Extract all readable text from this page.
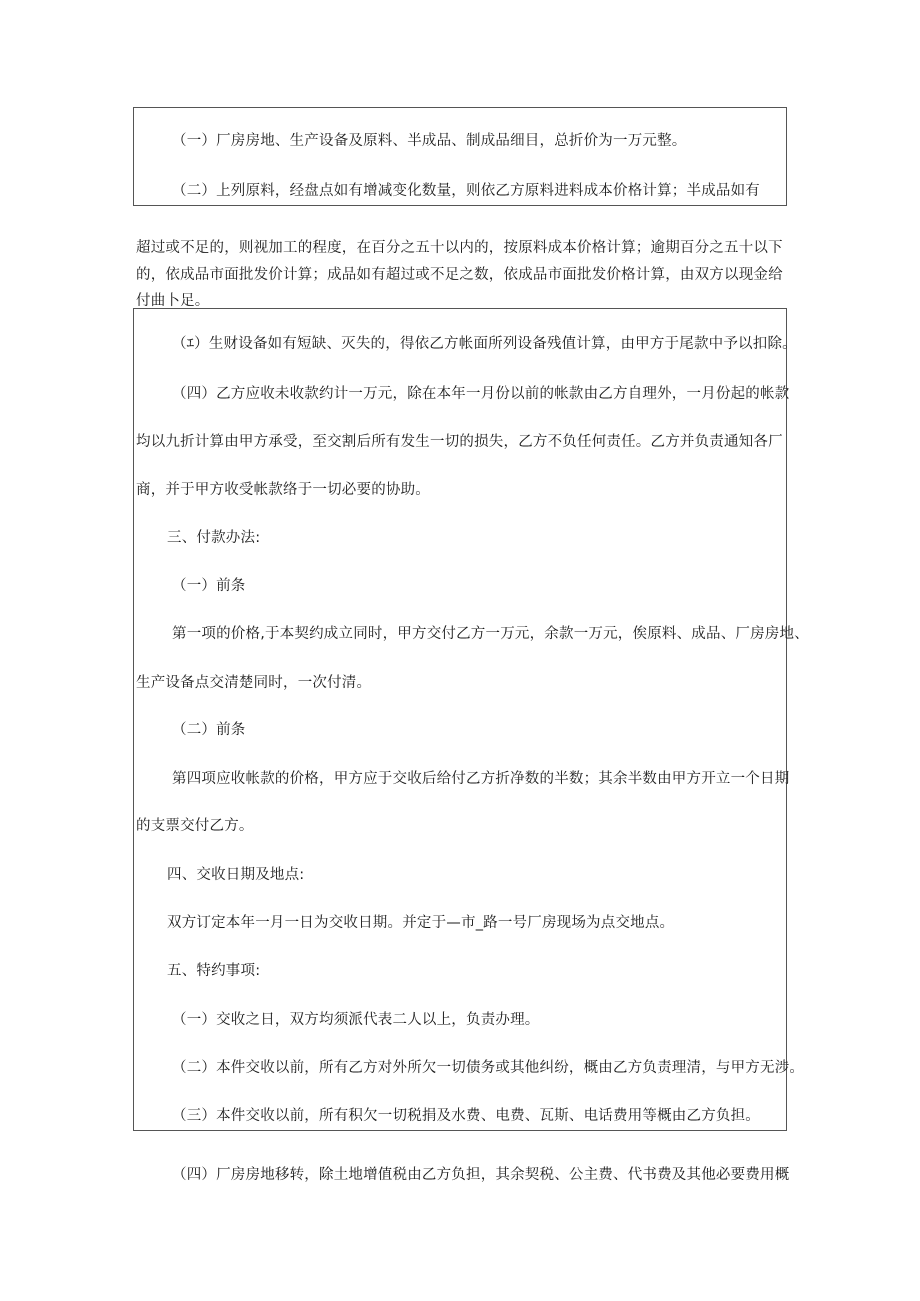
（一）厂房房地、生产设备及原料、半成品、制成品细目，总折价为一万元整。
（二）上列原料，经盘点如有增减变化数量，则依乙方原料进料成本价格计算；半成品如有
超过或不足的，则视加工的程度，在百分之五十以内的，按原料成本价格计算；逾期百分之五十以下
的，依成品市面批发价计算；成品如有超过或不足之数，依成品市面批发价格计算，由双方以现金给
付曲卜足。
（ｴ）生财设备如有短缺、灭失的，得依乙方帐面所列设备残值计算，由甲方于尾款中予以扣除。
（四）乙方应收未收款约计一万元，除在本年一月份以前的帐款由乙方自理外，一月份起的帐款
均以九折计算由甲方承受，至交割后所有发生一切的损失，乙方不负任何责任。乙方并负责通知各厂
商，并于甲方收受帐款络于一切必要的协助。
三、付款办法:
（一）前条
第一项的价格,于本契约成立同时，甲方交付乙方一万元，余款一万元，俟原料、成品、厂房房地、
生产设备点交清楚同时，一次付清。
（二）前条
第四项应收帐款的价格，甲方应于交收后给付乙方折净数的半数；其余半数由甲方开立一个日期
的支票交付乙方。
四、交收日期及地点:
双方订定本年一月一日为交收日期。并定于—市_路一号厂房现场为点交地点。
五、特约事项:
（一）交收之日，双方均须派代表二人以上，负责办理。
（二）本件交收以前，所有乙方对外所欠一切债务或其他纠纷，概由乙方负责理清，与甲方无涉。
（三）本件交收以前，所有积欠一切税捐及水费、电费、瓦斯、电话费用等概由乙方负担。
（四）厂房房地移转，除土地增值税由乙方负担，其余契税、公主费、代书费及其他必要费用概
